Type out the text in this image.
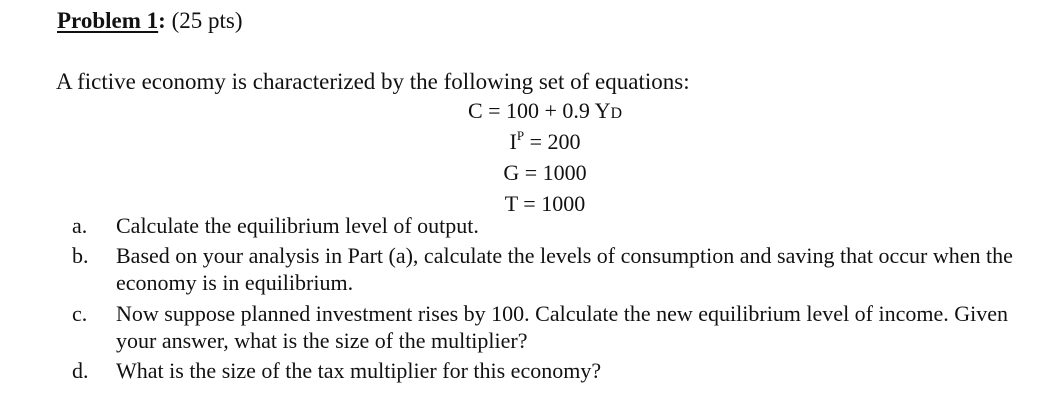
Problem 1: (25 pts)
A fictive economy is characterized by the following set of equations:
C = 100 + 0.9 YD
$I^P = 200$
G = 1000
T = 1000
a. Calculate the equilibrium level of output.
b. Based on your analysis in Part (a), calculate the levels of consumption and saving that occur when the economy is in equilibrium.
c. Now suppose planned investment rises by 100. Calculate the new equilibrium level of income. Given your answer, what is the size of the multiplier?
d. What is the size of the tax multiplier for this economy?
